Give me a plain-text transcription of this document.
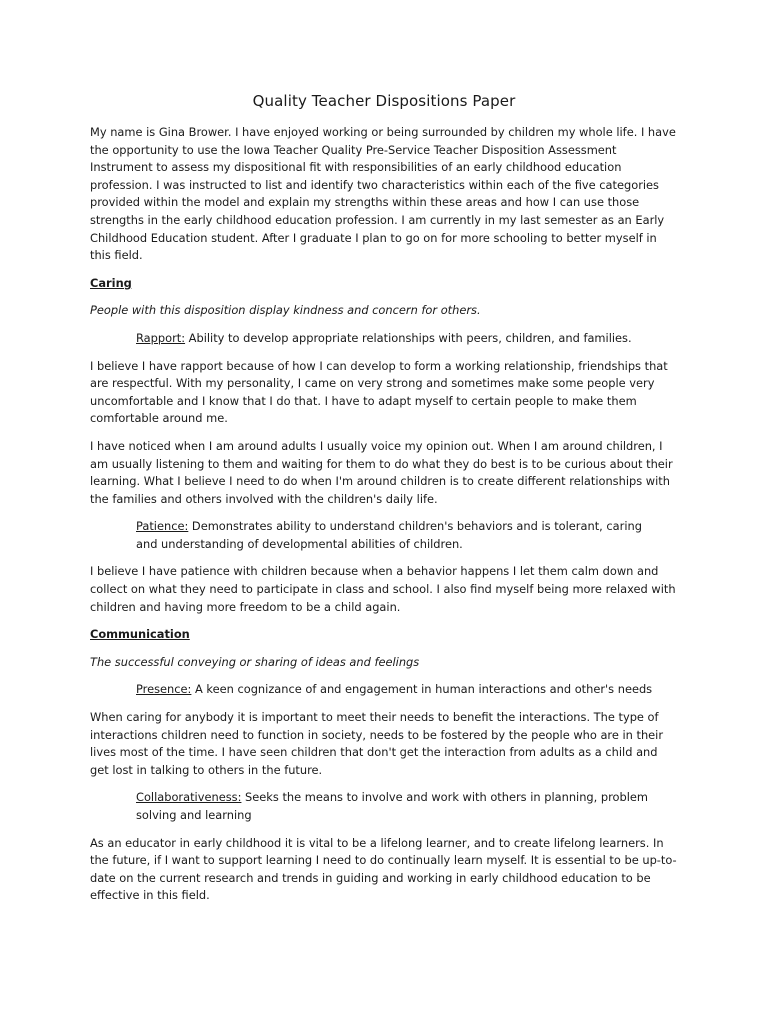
Quality Teacher Dispositions Paper

My name is Gina Brower. I have enjoyed working or being surrounded by children my whole life. I have the opportunity to use the Iowa Teacher Quality Pre-Service Teacher Disposition Assessment Instrument to assess my dispositional fit with responsibilities of an early childhood education profession. I was instructed to list and identify two characteristics within each of the five categories provided within the model and explain my strengths within these areas and how I can use those strengths in the early childhood education profession. I am currently in my last semester as an Early Childhood Education student. After I graduate I plan to go on for more schooling to better myself in this field.

Caring

People with this disposition display kindness and concern for others.

Rapport: Ability to develop appropriate relationships with peers, children, and families.

I believe I have rapport because of how I can develop to form a working relationship, friendships that are respectful. With my personality, I came on very strong and sometimes make some people very uncomfortable and I know that I do that. I have to adapt myself to certain people to make them comfortable around me.

I have noticed when I am around adults I usually voice my opinion out. When I am around children, I am usually listening to them and waiting for them to do what they do best is to be curious about their learning. What I believe I need to do when I'm around children is to create different relationships with the families and others involved with the children's daily life.

Patience: Demonstrates ability to understand children's behaviors and is tolerant, caring and understanding of developmental abilities of children.

I believe I have patience with children because when a behavior happens I let them calm down and collect on what they need to participate in class and school. I also find myself being more relaxed with children and having more freedom to be a child again.

Communication

The successful conveying or sharing of ideas and feelings

Presence: A keen cognizance of and engagement in human interactions and other's needs

When caring for anybody it is important to meet their needs to benefit the interactions. The type of interactions children need to function in society, needs to be fostered by the people who are in their lives most of the time. I have seen children that don't get the interaction from adults as a child and get lost in talking to others in the future.

Collaborativeness: Seeks the means to involve and work with others in planning, problem solving and learning

As an educator in early childhood it is vital to be a lifelong learner, and to create lifelong learners. In the future, if I want to support learning I need to do continually learn myself. It is essential to be up-to-date on the current research and trends in guiding and working in early childhood education to be effective in this field.
